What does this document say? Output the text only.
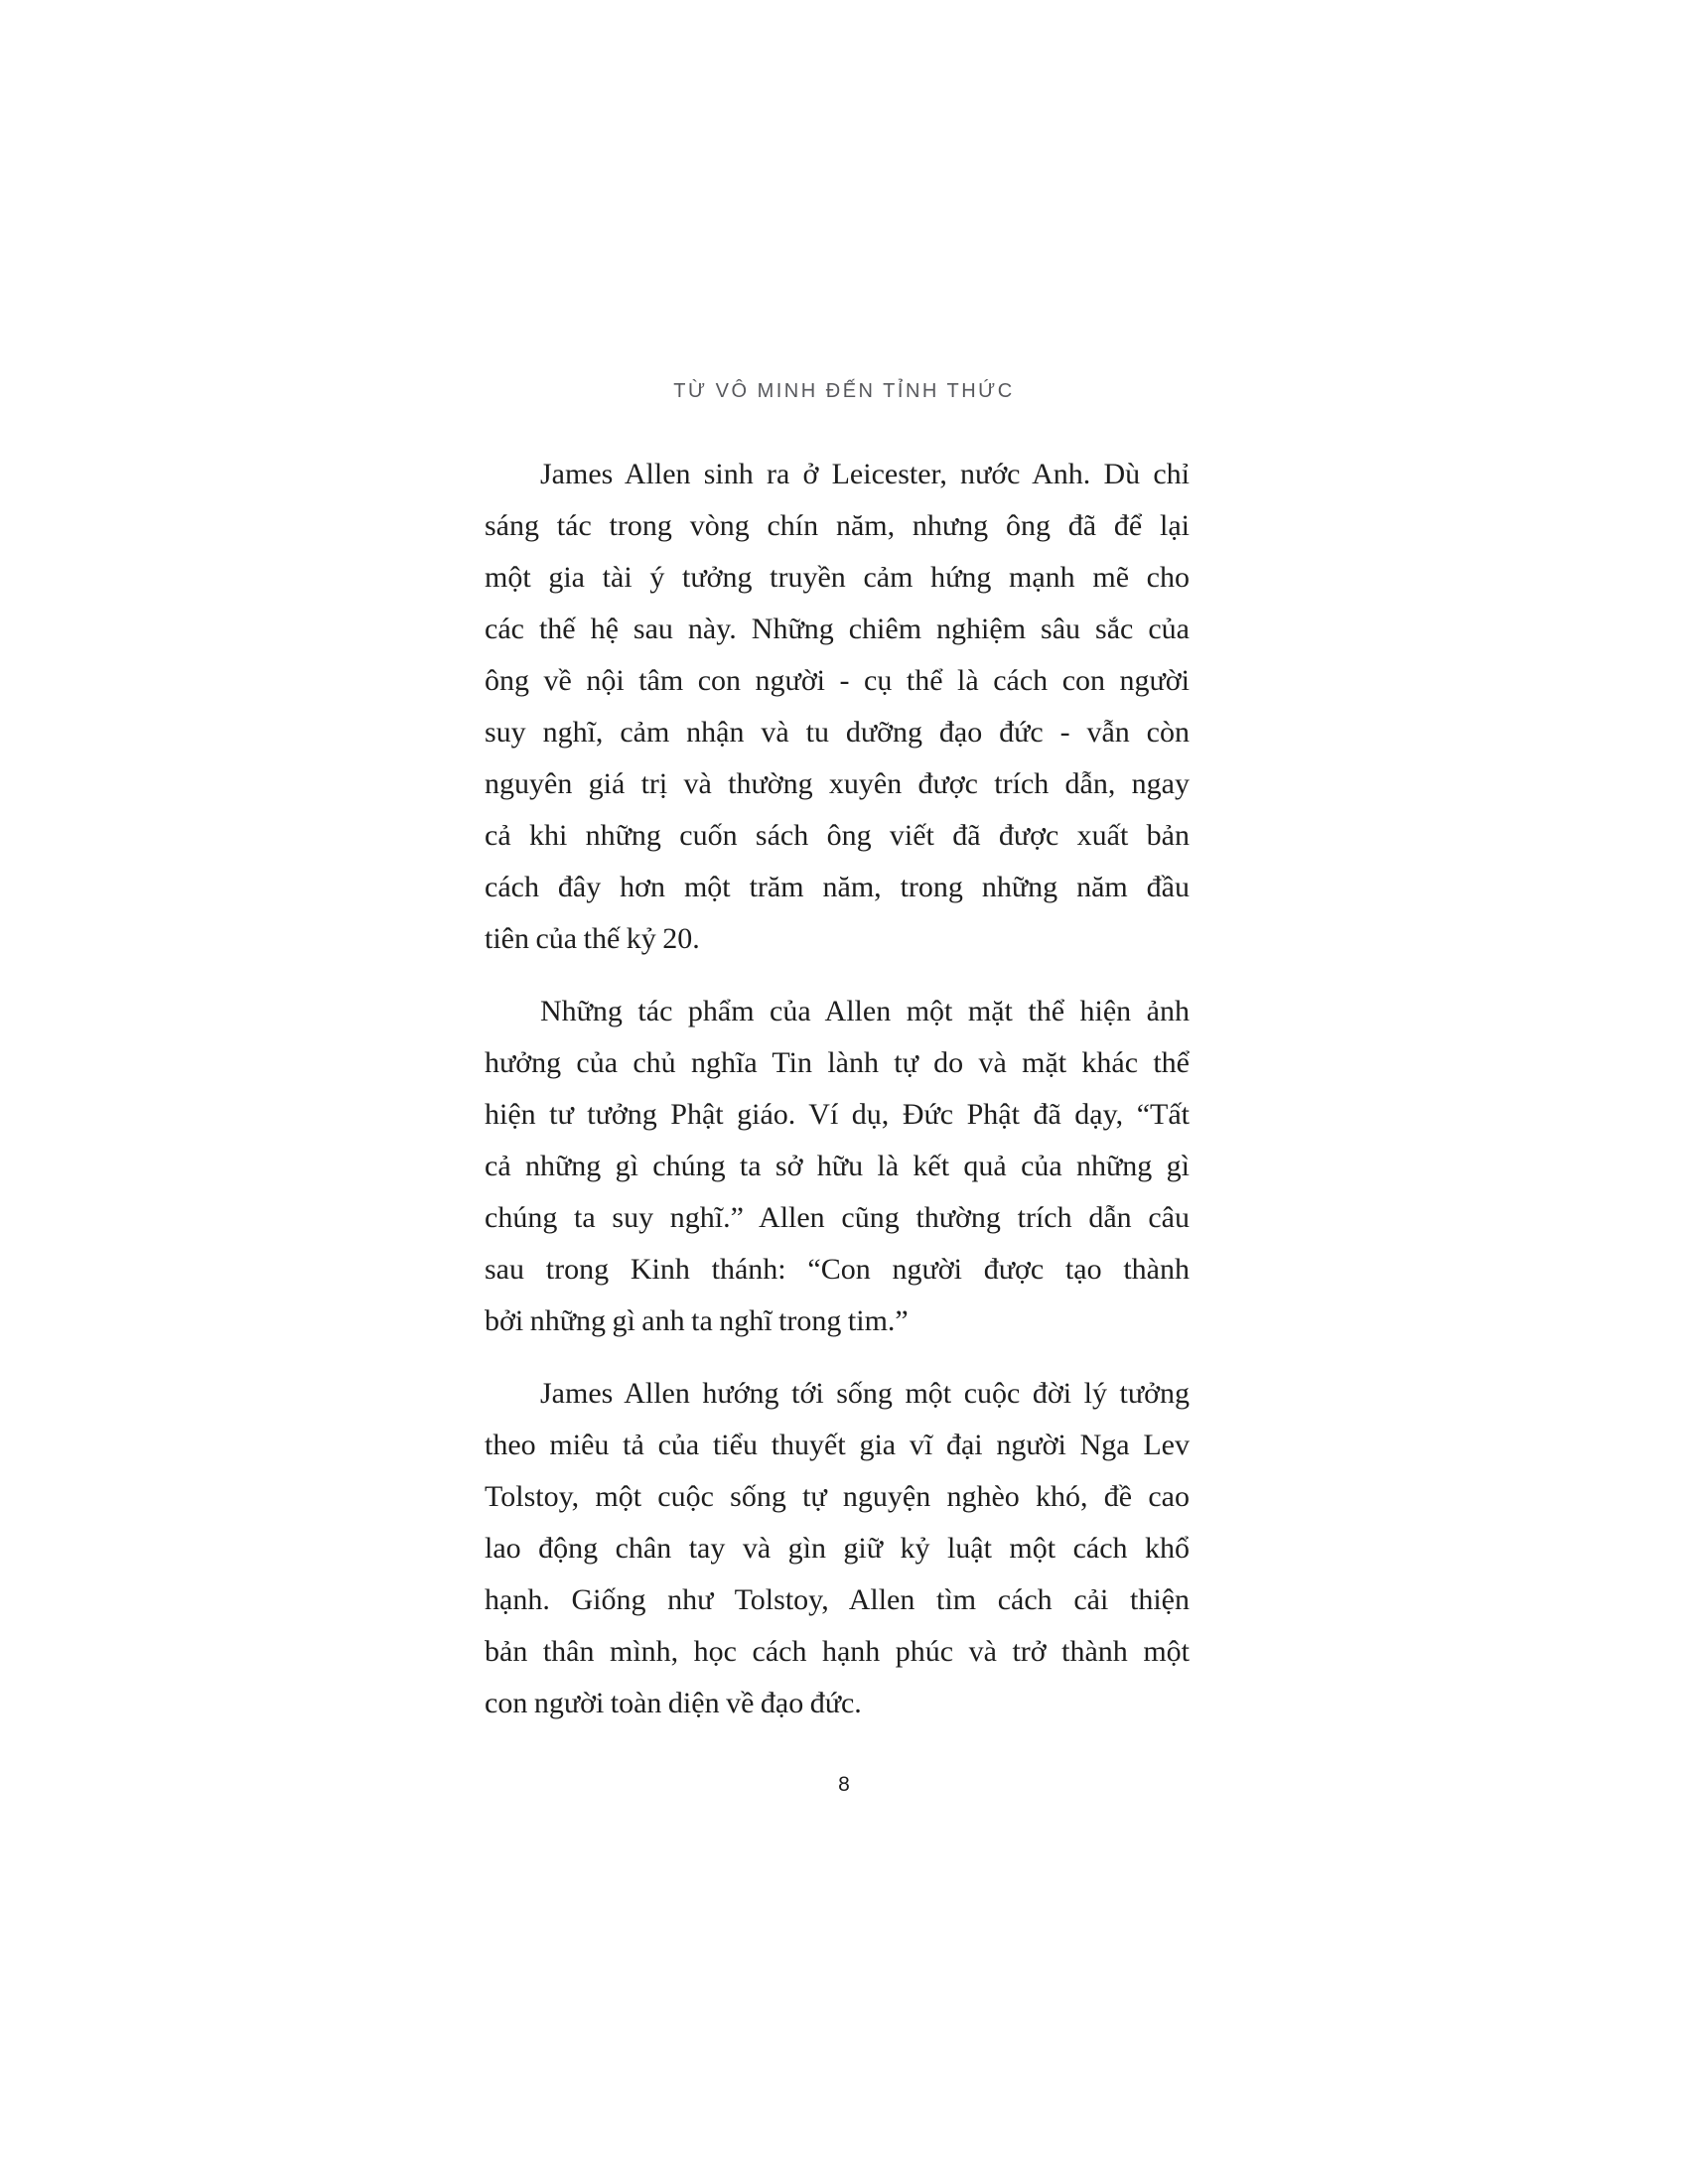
TỪ VÔ MINH ĐẾN TỈNH THỨC
James Allen sinh ra ở Leicester, nước Anh. Dù chỉ
sáng tác trong vòng chín năm, nhưng ông đã để lại
một gia tài ý tưởng truyền cảm hứng mạnh mẽ cho
các thế hệ sau này. Những chiêm nghiệm sâu sắc của
ông về nội tâm con người - cụ thể là cách con người
suy nghĩ, cảm nhận và tu dưỡng đạo đức - vẫn còn
nguyên giá trị và thường xuyên được trích dẫn, ngay
cả khi những cuốn sách ông viết đã được xuất bản
cách đây hơn một trăm năm, trong những năm đầu
tiên của thế kỷ 20.
Những tác phẩm của Allen một mặt thể hiện ảnh
hưởng của chủ nghĩa Tin lành tự do và mặt khác thể
hiện tư tưởng Phật giáo. Ví dụ, Đức Phật đã dạy, “Tất
cả những gì chúng ta sở hữu là kết quả của những gì
chúng ta suy nghĩ.” Allen cũng thường trích dẫn câu
sau trong Kinh thánh: “Con người được tạo thành
bởi những gì anh ta nghĩ trong tim.”
James Allen hướng tới sống một cuộc đời lý tưởng
theo miêu tả của tiểu thuyết gia vĩ đại người Nga Lev
Tolstoy, một cuộc sống tự nguyện nghèo khó, đề cao
lao động chân tay và gìn giữ kỷ luật một cách khổ
hạnh. Giống như Tolstoy, Allen tìm cách cải thiện
bản thân mình, học cách hạnh phúc và trở thành một
con người toàn diện về đạo đức.
8
